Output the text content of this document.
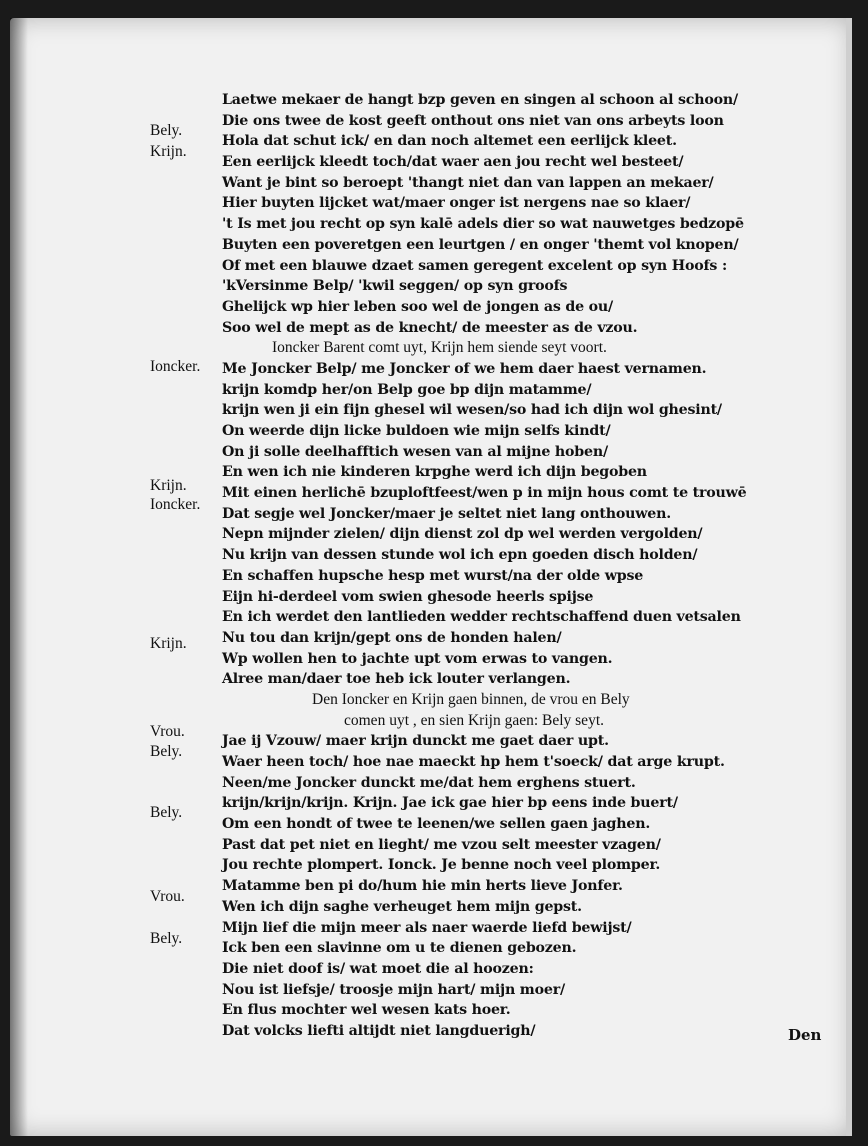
Bely.
Krijn.
Ioncker.
Krijn.
Ioncker.
Krijn.
Vrou.
Bely.
Bely.
Vrou.
Bely.
Laetwe mekaer de hangt bzp geven en singen al schoon al schoon/
Die ons twee de kost geeft onthout ons niet van ons arbeyts loon
Hola dat schut ick/ en dan noch altemet een eerlijck kleet.
Een eerlijck kleedt toch/dat waer aen jou recht wel besteet/
Want je bint so beroept 'thangt niet dan van lappen an mekaer/
Hier buyten lijcket wat/maer onger ist nergens nae so klaer/
't Is met jou recht op syn kalē adels dier so wat nauwetges bedzopē
Buyten een poveretgen een leurtgen / en onger 'themt vol knopen/
Of met een blauwe dzaet samen geregent excelent op syn Hoofs :
'kVersinme Belp/ 'kwil seggen/ op syn groofs
Ghelijck wp hier leben soo wel de jongen as de ou/
Soo wel de mept as de knecht/ de meester as de vzou.
Ioncker Barent comt uyt, Krijn hem siende seyt voort.
Me Joncker Belp/ me Joncker of we hem daer haest vernamen.
krijn komdp her/on Belp goe bp dijn matamme/
krijn wen ji ein fijn ghesel wil wesen/so had ich dijn wol ghesint/
On weerde dijn licke buldoen wie mijn selfs kindt/
On ji solle deelhafftich wesen van al mijne hoben/
En wen ich nie kinderen krpghe werd ich dijn begoben
Mit einen herlichē bzuploftfeest/wen p in mijn hous comt te trouwē
Dat segje wel Joncker/maer je seltet niet lang onthouwen.
Nepn mijnder zielen/ dijn dienst zol dp wel werden vergolden/
Nu krijn van dessen stunde wol ich epn goeden disch holden/
En schaffen hupsche hesp met wurst/na der olde wpse
Eijn hi-derdeel vom swien ghesode heerls spijse
En ich werdet den lantlieden wedder rechtschaffend duen vetsalen
Nu tou dan krijn/gept ons de honden halen/
Wp wollen hen to jachte upt vom erwas to vangen.
Alree man/daer toe heb ick louter verlangen.
Den Ioncker en Krijn gaen binnen, de vrou en Bely
comen uyt , en sien Krijn gaen: Bely seyt.
Jae ij Vzouw/ maer krijn dunckt me gaet daer upt.
Waer heen toch/ hoe nae maeckt hp hem t'soeck/ dat arge krupt.
Neen/me Joncker dunckt me/dat hem erghens stuert.
krijn/krijn/krijn. Krijn. Jae ick gae hier bp eens inde buert/
Om een hondt of twee te leenen/we sellen gaen jaghen.
Past dat pet niet en lieght/ me vzou selt meester vzagen/
Jou rechte plompert. Ionck. Je benne noch veel plomper.
Matamme ben pi do/hum hie min herts lieve Jonfer.
Wen ich dijn saghe verheuget hem mijn gepst.
Mijn lief die mijn meer als naer waerde liefd bewijst/
Ick ben een slavinne om u te dienen gebozen.
Die niet doof is/ wat moet die al hoozen:
Nou ist liefsje/ troosje mijn hart/ mijn moer/
En flus mochter wel wesen kats hoer.
Dat volcks liefti altijdt niet langduerigh/	Den
